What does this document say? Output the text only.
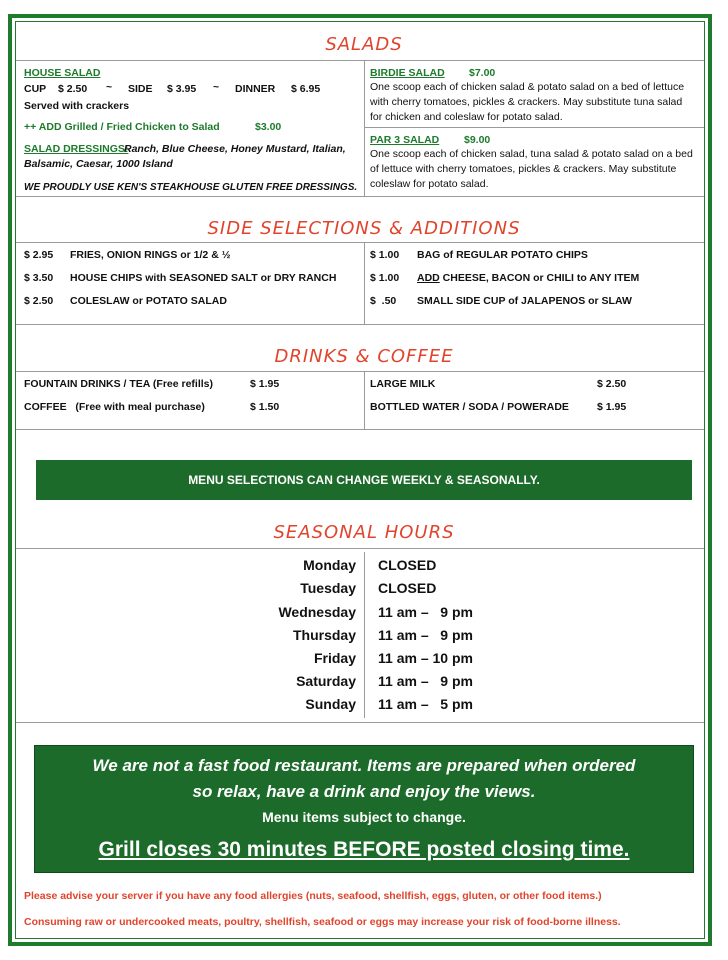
SALADS
HOUSE SALAD
CUP $ 2.50 ~ SIDE $ 3.95 ~ DINNER $ 6.95
Served with crackers
++ ADD Grilled / Fried Chicken to Salad	$3.00
SALAD DRESSINGS:
Ranch, Blue Cheese, Honey Mustard, Italian,
Balsamic, Caesar, 1000 Island
WE PROUDLY USE KEN'S STEAKHOUSE GLUTEN FREE DRESSINGS.
BIRDIE SALAD $7.00
One scoop each of chicken salad & potato salad on a bed of lettuce
with cherry tomatoes, pickles & crackers. May substitute tuna salad
for chicken and coleslaw for potato salad.
PAR 3 SALAD $9.00
One scoop each of chicken salad, tuna salad & potato salad on a bed
of lettuce with cherry tomatoes, pickles & crackers. May substitute
coleslaw for potato salad.
SIDE SELECTIONS & ADDITIONS
$ 2.95 FRIES, ONION RINGS or 1/2 & ½
$ 3.50 HOUSE CHIPS with SEASONED SALT or DRY RANCH
$ 2.50 COLESLAW or POTATO SALAD
$ 1.00 BAG of REGULAR POTATO CHIPS
$ 1.00 ADD CHEESE, BACON or CHILI to ANY ITEM
$  .50 SMALL SIDE CUP of JALAPENOS or SLAW
DRINKS & COFFEE
FOUNTAIN DRINKS / TEA (Free refills)	$ 1.95
COFFEE   (Free with meal purchase)	$ 1.50
LARGE MILK	$ 2.50
BOTTLED WATER / SODA / POWERADE	$ 1.95
MENU SELECTIONS CAN CHANGE WEEKLY & SEASONALLY.
SEASONAL HOURS
Monday CLOSED
Tuesday CLOSED
Wednesday 11 am –   9 pm
Thursday 11 am –   9 pm
Friday 11 am – 10 pm
Saturday 11 am –   9 pm
Sunday 11 am –   5 pm
We are not a fast food restaurant. Items are prepared when ordered
so relax, have a drink and enjoy the views.
Menu items subject to change.
Grill closes 30 minutes BEFORE posted closing time.
Please advise your server if you have any food allergies (nuts, seafood, shellfish, eggs, gluten, or other food items.)
Consuming raw or undercooked meats, poultry, shellfish, seafood or eggs may increase your risk of food-borne illness.
